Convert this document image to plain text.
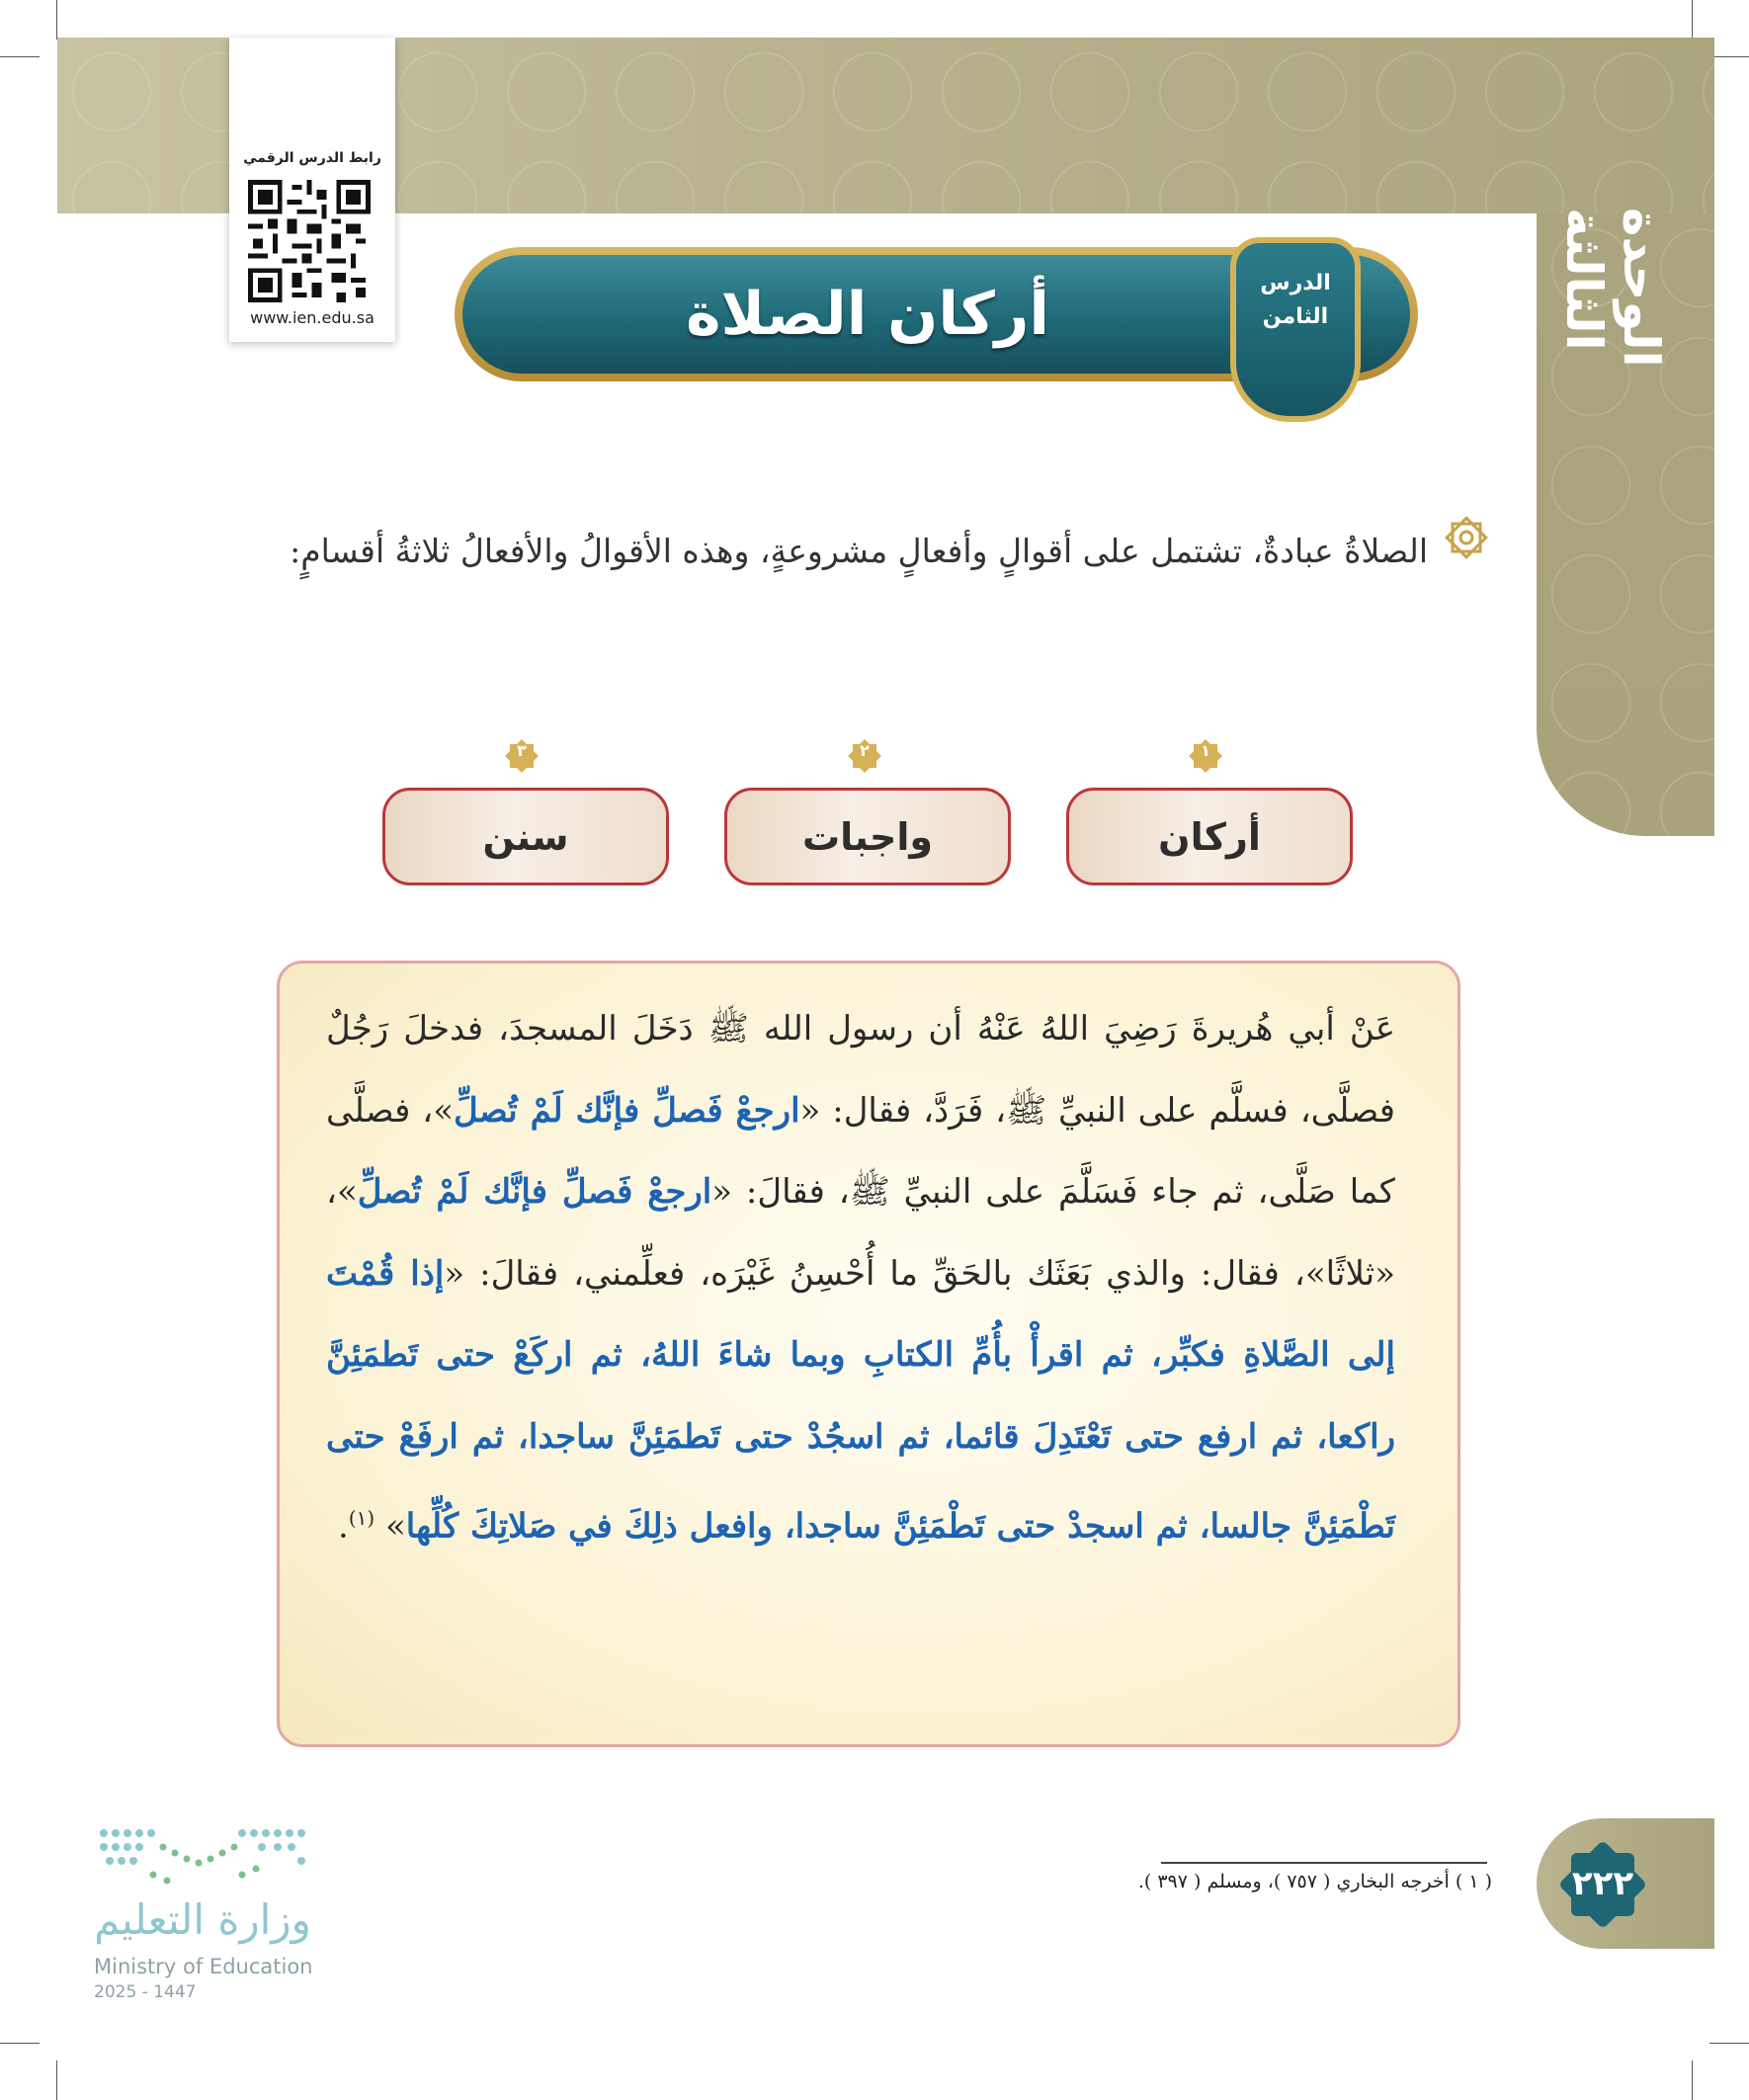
الوحدة الثالثة
رابط الدرس الرقمي
www.ien.edu.sa	أركان الصلاة	الدرس
الثامن
الصلاةُ عبادةٌ، تشتمل على أقوالٍ وأفعالٍ مشروعةٍ، وهذه الأقوالُ والأفعالُ ثلاثةُ أقسامٍ:
١
أركان
٢
واجبات
٣
سنن
عَنْ أبي هُريرةَ رَضِيَ اللهُ عَنْهُ أن رسول الله ﷺ دَخَلَ المسجدَ، فدخلَ رَجُلٌ فصلَّى، فسلَّم على النبيِّ ﷺ، فَرَدَّ، فقال: «ارجعْ فَصلِّ فإنَّك لَمْ تُصلِّ»، فصلَّى كما صَلَّى، ثم جاء فَسَلَّمَ على النبيِّ ﷺ، فقالَ: «ارجعْ فَصلِّ فإنَّك لَمْ تُصلِّ»، «ثلاثًا»، فقال: والذي بَعَثَك بالحَقِّ ما أُحْسِنُ غَيْرَه، فعلِّمني، فقالَ: «إذا قُمْتَ إلى الصَّلاةِ فكبِّر، ثم اقرأْ بأُمِّ الكتابِ وبما شاءَ اللهُ، ثم اركَعْ حتى تَطمَئِنَّ راكعا، ثم ارفع حتى تَعْتَدِلَ قائما، ثم اسجُدْ حتى تَطمَئِنَّ ساجدا، ثم ارفَعْ حتى تَطْمَئِنَّ جالسا، ثم اسجدْ حتى تَطْمَئِنَّ ساجدا، وافعل ذلِكَ في صَلاتِكَ كُلِّها» $^{(١)}$.
( ١ ) أخرجه البخاري ( ٧٥٧ )، ومسلم ( ٣٩٧ ).	٢٢٢
وزارة التعليم
Ministry of Education
2025 - 1447
